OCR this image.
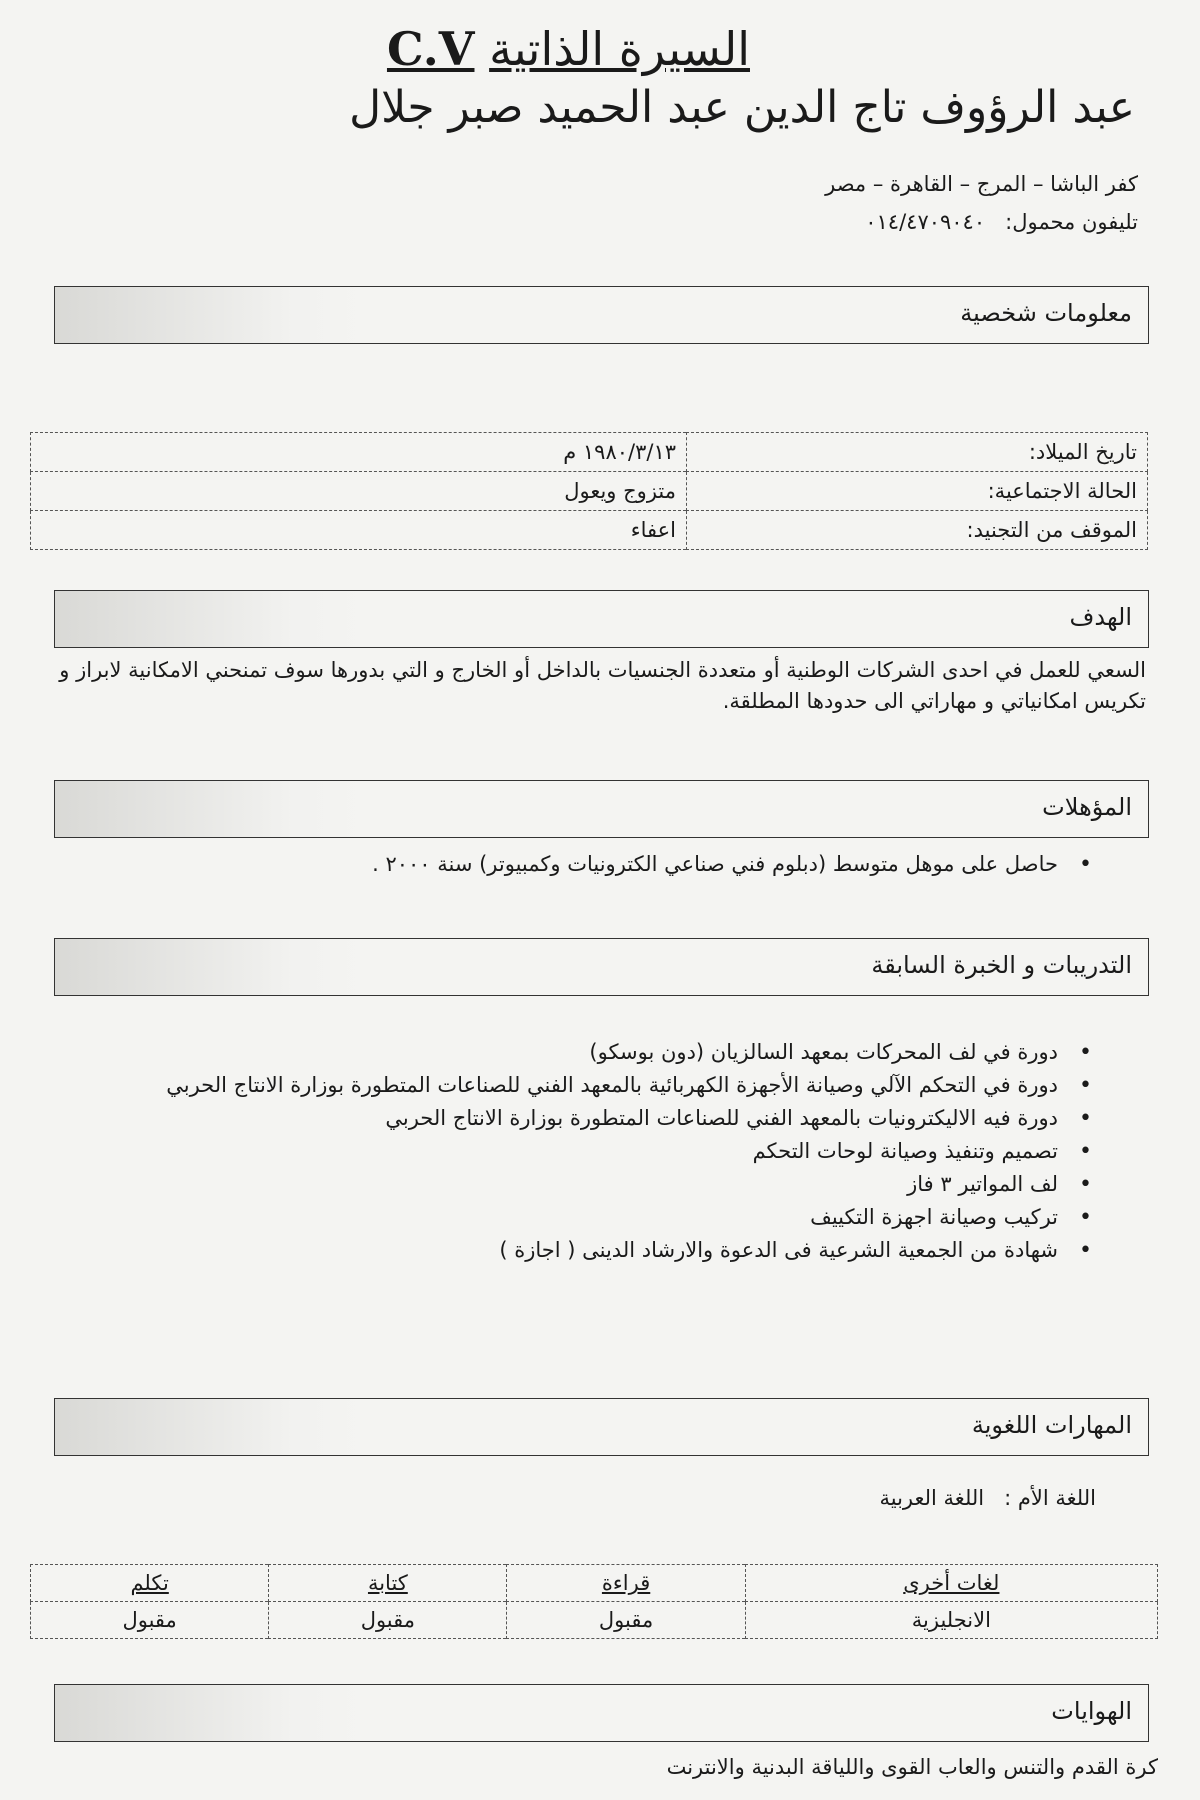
السيرة الذاتية C.V
عبد الرؤوف تاج الدين عبد الحميد صبر جلال
كفر الباشا – المرج – القاهرة – مصر
تليفون محمول:   ٠١٤/٤٧٠٩٠٤٠
معلومات شخصية
تاريخ الميلاد:	١٩٨٠/٣/١٣ م
الحالة الاجتماعية:	متزوج ويعول
الموقف من التجنيد:	اعفاء
الهدف
السعي للعمل في احدى الشركات الوطنية أو متعددة الجنسيات بالداخل أو الخارج و التي بدورها سوف تمنحني الامكانية لابراز و تكريس امكانياتي و مهاراتي الى حدودها المطلقة.
المؤهلات
• حاصل على موهل متوسط (دبلوم فني صناعي الكترونيات وكمبيوتر) سنة ٢٠٠٠ .
التدريبات و الخبرة السابقة
• دورة في لف المحركات بمعهد السالزيان (دون بوسكو)
• دورة في التحكم الآلي وصيانة الأجهزة الكهربائية بالمعهد الفني للصناعات المتطورة بوزارة الانتاج الحربي
• دورة فيه الاليكترونيات بالمعهد الفني للصناعات المتطورة بوزارة الانتاج الحربي
• تصميم وتنفيذ وصيانة لوحات التحكم
• لف المواتير ٣ فاز
• تركيب وصيانة اجهزة التكييف
• شهادة من الجمعية الشرعية فى الدعوة والارشاد الدينى ( اجازة )
المهارات اللغوية
اللغة الأم :   اللغة العربية
لغات أخرى	قراءة	كتابة	تكلم
الانجليزية	مقبول	مقبول	مقبول
الهوايات
كرة القدم والتنس والعاب القوى واللياقة البدنية والانترنت
